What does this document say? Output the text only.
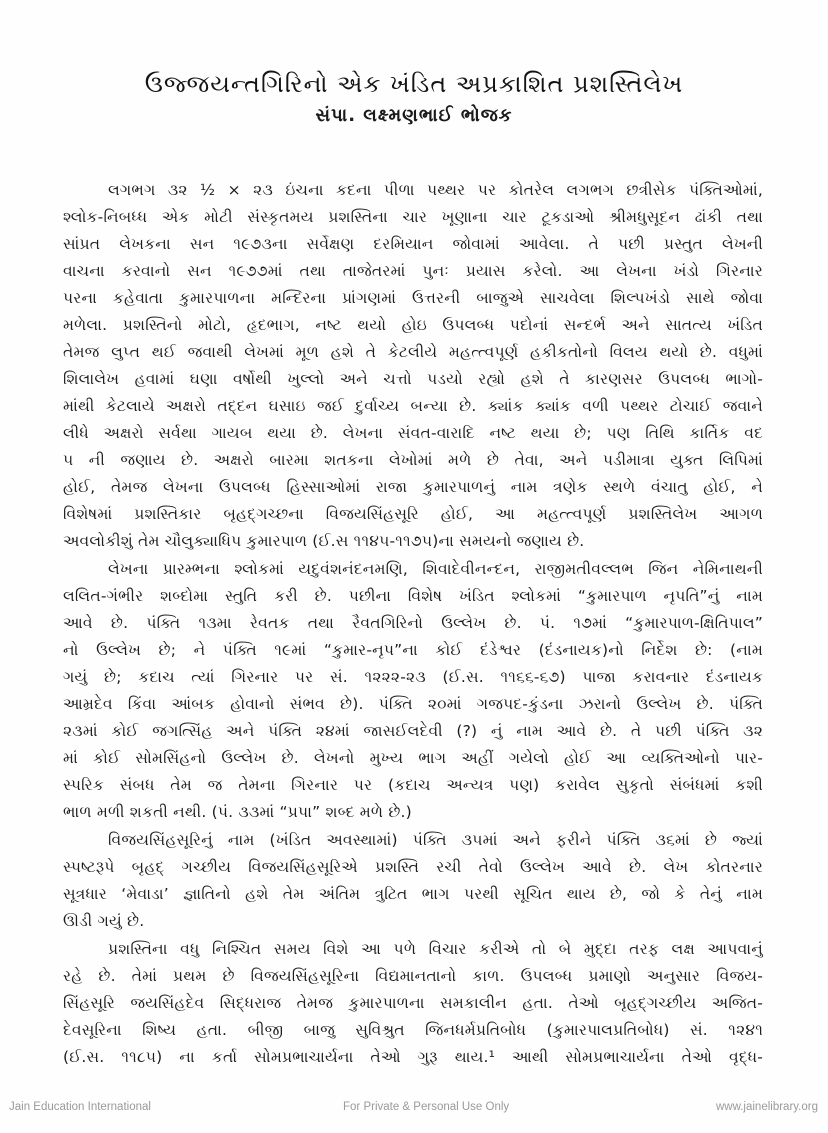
ઉજ્જયન્તગિરિનો એક ખંડિત અપ્રકાશિત પ્રશસ્તિલેખ
સંપા. લક્ષ્મણભાઈ ભોજક
લગભગ ૩૨ ½ × ૨૩ ઇંચના કદના પીળા પથ્થર પર કોતરેલ લગભગ છત્રીસેક પંક્તિઓમાં,
શ્લોક-નિબધ્ધ એક મોટી સંસ્કૃતમય પ્રશસ્તિના ચાર ખૂણાના ચાર ટૂકડાઓ શ્રીમધુસૂદન ઢાંકી તથા
સાંપ્રત લેખકના સન ૧૯૭૩ના સર્વેક્ષણ દરમિયાન જોવામાં આવેલા. તે પછી પ્રસ્તુત લેખની
વાચના કરવાનો સન ૧૯૭૭માં તથા તાજેતરમાં પુનઃ પ્રયાસ કરેલો. આ લેખના ખંડો ગિરનાર
પરના કહેવાતા કુમારપાળના મન્દિરના પ્રાંગણમાં ઉત્તરની બાજુએ સાચવેલા શિલ્પખંડો સાથે જોવા
મળેલા. પ્રશસ્તિનો મોટો, હૃદભાગ, નષ્ટ થયો હોઇ ઉપલબ્ધ પદોનાં સન્દર્ભ અને સાતત્ય ખંડિત
તેમજ લુપ્ત થઈ જવાથી લેખમાં મૂળ હશે તે કેટલીયે મહત્ત્વપૂર્ણ હકીકતોનો વિલય થયો છે. વધુમાં
શિલાલેખ હવામાં ઘણા વર્ષોથી ખુલ્લો અને ચત્તો પડયો રહ્યો હશે તે કારણસર ઉપલબ્ધ ભાગો-
માંથી કેટલાયે અક્ષરો તદ્દન ઘસાઇ જઈ દુર્વાચ્ય બન્યા છે. ક્યાંક ક્યાંક વળી પથ્થર ટોચાઈ જવાને
લીધે અક્ષરો સર્વથા ગાયબ થયા છે. લેખના સંવત-વારાદિ નષ્ટ થયા છે; પણ તિથિ કાર્તિક વદ
૫ ની જણાય છે. અક્ષરો બારમા શતકના લેખોમાં મળે છે તેવા, અને પડીમાત્રા યુક્ત લિપિમાં
હોઈ, તેમજ લેખના ઉપલબ્ધ હિસ્સાઓમાં રાજા કુમારપાળનું નામ ત્રણેક સ્થળે વંચાતુ હોઈ, ને
વિશેષમાં પ્રશસ્તિકાર બૃહદ્ગચ્છના વિજયસિંહસૂરિ હોઈ, આ મહત્ત્વપૂર્ણ પ્રશસ્તિલેખ આગળ
અવલોકીશું તેમ ચૌલુક્યાધિપ કુમારપાળ (ઈ.સ ૧૧૪૫-૧૧૭૫)ના સમયનો જણાય છે.
લેખના પ્રારમ્ભના શ્લોકમાં યદુવંશનંદનમણિ, શિવાદેવીનન્દન, રાજીમતીવલ્લભ જિન નેમિનાથની
લલિત-ગંભીર શબ્દોમા સ્તુતિ કરી છે. પછીના વિશેષ ખંડિત શ્લોકમાં “કુમારપાળ નૃપતિ”નું નામ
આવે છે. પંક્તિ ૧૩મા રેવતક તથા રૈવતગિરિનો ઉલ્લેખ છે. પં. ૧૭માં “કુમારપાળ-ક્ષિતિપાલ”
નો ઉલ્લેખ છે; ને પંક્તિ ૧૯માં “કુમાર-નૃપ”ના કોઈ દંડેશ્વર (દંડનાયક)નો નિર્દેશ છે: (નામ
ગયું છે; કદાચ ત્યાં ગિરનાર પર સં. ૧૨૨૨-૨૩ (ઈ.સ. ૧૧૬૬-૬૭) પાજા કરાવનાર દંડનાયક
આમ્રદેવ કિંવા આંબક હોવાનો સંભવ છે). પંક્તિ ૨૦માં ગજપદ-કુંડના ઝરાનો ઉલ્લેખ છે. પંક્તિ
૨૩માં કોઈ જગત્સિંહ અને પંક્તિ ૨૪માં જાસઈલદેવી (?) નું નામ આવે છે. તે પછી પંક્તિ ૩૨
માં કોઈ સોમસિંહનો ઉલ્લેખ છે. લેખનો મુખ્ય ભાગ અહીં ગયેલો હોઈ આ વ્યક્તિઓનો પાર-
સ્પરિક સંબધ તેમ જ તેમના ગિરનાર પર (કદાચ અન્યત્ર પણ) કરાવેલ સુકૃતો સંબંધમાં કશી
ભાળ મળી શકતી નથી. (પં. ૩૩માં “પ્રપા” શબ્દ મળે છે.)
વિજયસિંહસૂરિનું નામ (ખંડિત અવસ્થામાં) પંક્તિ ૩૫માં અને ફરીને પંક્તિ ૩૬માં છે જ્યાં
સ્પષ્ટરૂપે બૃહદ્ ગચ્છીય વિજયસિંહસૂરિએ પ્રશસ્તિ રચી તેવો ઉલ્લેખ આવે છે. લેખ કોતરનાર
સૂત્રધાર ‘મેવાડા’ જ્ઞાતિનો હશે તેમ અંતિમ ત્રુટિત ભાગ પરથી સૂચિત થાય છે, જો કે તેનું નામ
ઊડી ગયું છે.
પ્રશસ્તિના વધુ નિશ્ચિત સમય વિશે આ પળે વિચાર કરીએ તો બે મુદ્દા તરફ લક્ષ આપવાનું
રહે છે. તેમાં પ્રથમ છે વિજયસિંહસૂરિના વિદ્યમાનતાનો કાળ. ઉપલબ્ધ પ્રમાણો અનુસાર વિજય-
સિંહસૂરિ જયસિંહદેવ સિદ્ધરાજ તેમજ કુમારપાળના સમકાલીન હતા. તેઓ બૃહદ્ગચ્છીય અજિત-
દેવસૂરિના શિષ્ય હતા. બીજી બાજુ સુવિશ્રુત જિનધર્મપ્રતિબોધ (કુમારપાલપ્રતિબોધ) સં. ૧૨૪૧
(ઈ.સ. ૧૧૮૫) ના કર્તા સોમપ્રભાચાર્યના તેઓ ગુરૂ થાય.¹ આથી સોમપ્રભાચાર્યના તેઓ વૃદ્ધ-
Jain Education International	For Private & Personal Use Only	www.jainelibrary.org
